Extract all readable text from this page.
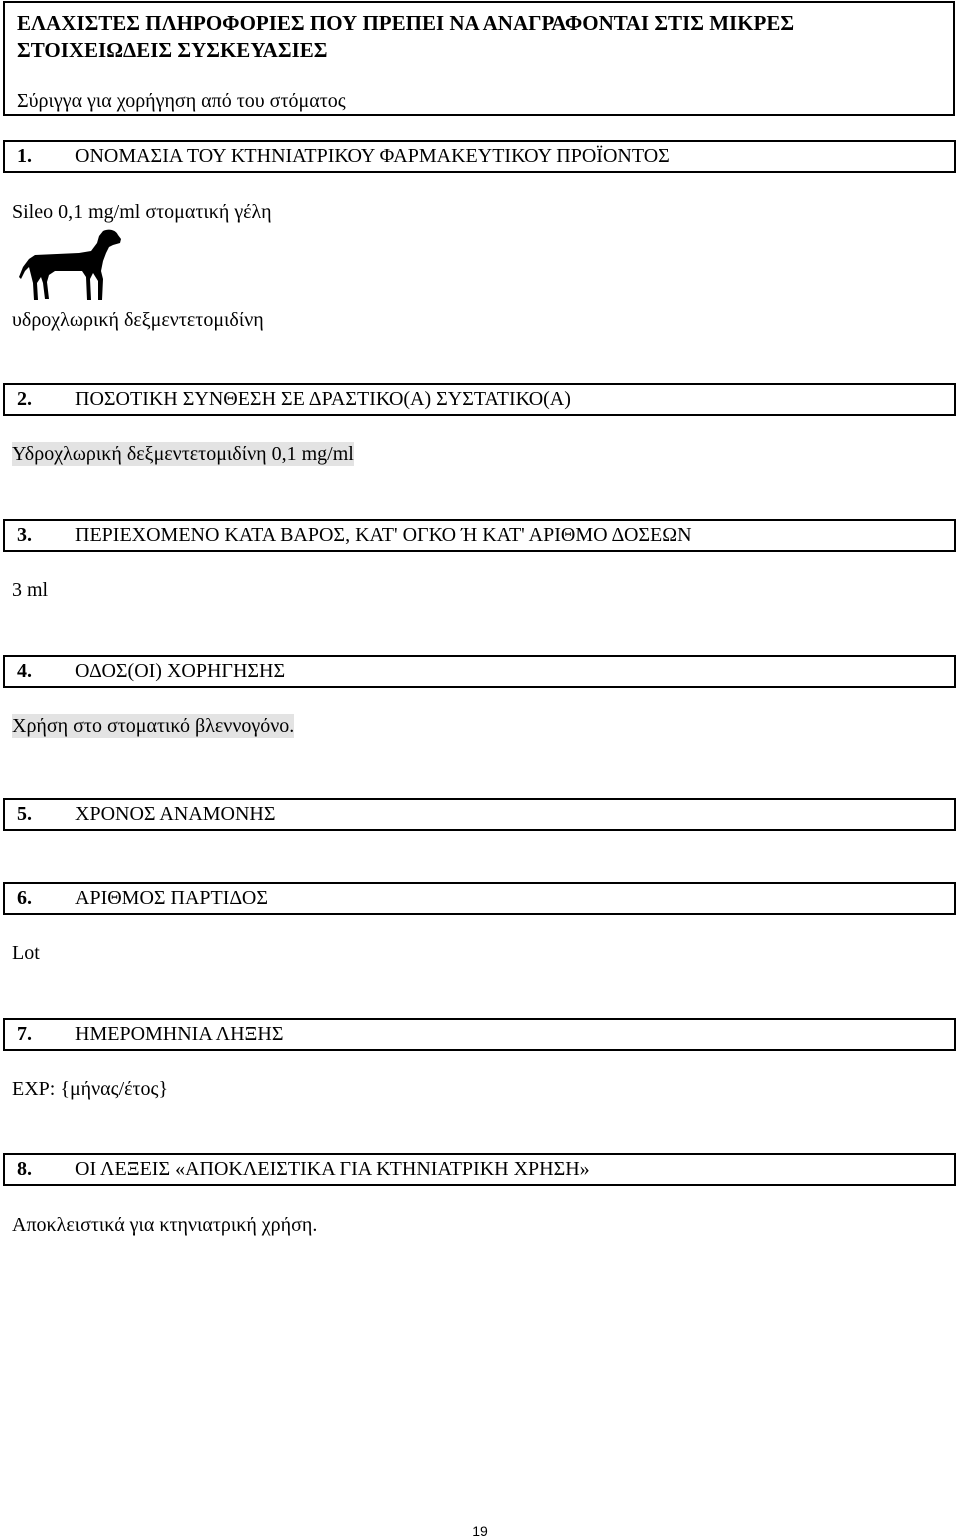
ΕΛΑΧΙΣΤΕΣ ΠΛΗΡΟΦΟΡΙΕΣ ΠΟΥ ΠΡΕΠΕΙ ΝΑ ΑΝΑΓΡΑΦΟΝΤΑΙ ΣΤΙΣ ΜΙΚΡΕΣ ΣΤΟΙΧΕΙΩΔΕΙΣ ΣΥΣΚΕΥΑΣΙΕΣ
Σύριγγα για χορήγηση από του στόματος
1. ΟΝΟΜΑΣΙΑ ΤΟΥ ΚΤΗΝΙΑΤΡΙΚΟΥ ΦΑΡΜΑΚΕΥΤΙΚΟΥ ΠΡΟΪΟΝΤΟΣ
Sileo 0,1 mg/ml στοματική γέλη
υδροχλωρική δεξμεντετομιδίνη
2. ΠΟΣΟΤΙΚΗ ΣΥΝΘΕΣΗ ΣΕ ΔΡΑΣΤΙΚΟ(Α) ΣΥΣΤΑΤΙΚΟ(Α)
Υδροχλωρική δεξμεντετομιδίνη 0,1 mg/ml
3. ΠΕΡΙΕΧΟΜΕΝΟ ΚΑΤΑ ΒΑΡΟΣ, ΚΑΤ' ΟΓΚΟ Ή ΚΑΤ' ΑΡΙΘΜΟ ΔΟΣΕΩΝ
3 ml
4. ΟΔΟΣ(ΟΙ) ΧΟΡΗΓΗΣΗΣ
Χρήση στο στοματικό βλεννογόνο.
5. ΧΡΟΝΟΣ ΑΝΑΜΟΝΗΣ
6. ΑΡΙΘΜΟΣ ΠΑΡΤΙΔΟΣ
Lot
7. ΗΜΕΡΟΜΗΝΙΑ ΛΗΞΗΣ
EXP: {μήνας/έτος}
8. ΟΙ ΛΕΞΕΙΣ «ΑΠΟΚΛΕΙΣΤΙΚΑ ΓΙΑ ΚΤΗΝΙΑΤΡΙΚΗ ΧΡΗΣΗ»
Αποκλειστικά για κτηνιατρική χρήση.
19
